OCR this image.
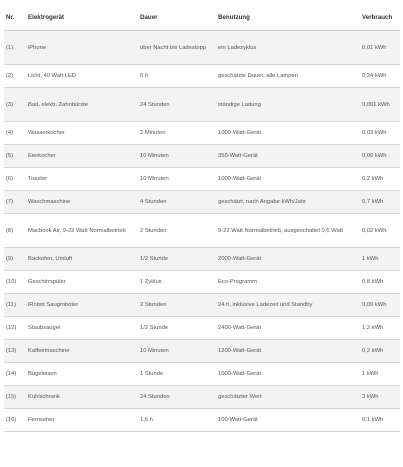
Nr.	Elektrogerät	Dauer	Benutzung	Verbrauch
(1)	iPhone	über Nacht bis Ladestopp	ein Ladezyklus	0,01 kWh
(2)	Licht, 40 Watt LED	6 h	geschätzte Dauer, alle Lampen	0,24 kWh
(3)	Bad, elektr. Zahnbürste	24 Stunden	ständige Ladung	0,001 kWh
(4)	Wasserkocher	2 Minuten	1000-Watt-Gerät	0,03 kWh
(5)	Eierkocher	10 Minuten	350-Watt-Gerät	0,06 kWh
(6)	Toaster	10 Minuten	1000-Watt-Gerät	0,2 kWh
(7)	Waschmaschine	4 Stunden	geschätzt, nach Angabe kWh/Jahr	0,7 kWh
(8)	Macbook Air, 9-22 Watt Normalbetrieb	2 Stunden	9-22 Watt Normalbetrieb, ausgeschaltet 0,6 Watt	0,02 kWh
(9)	Backofen, Umluft	1/2 Stunde	2000-Watt-Gerät	1 kWh
(10)	Geschirrspüler	1 Zyklus	Eco-Programm	0,8 kWh
(11)	iRobot Saugroboter	2 Stunden	24 h, inklusive Ladezeit und Standby	0,09 kWh
(12)	Staubsauger	1/2 Stunde	2400-Watt-Gerät	1,2 kWh
(13)	Kaffeemaschine	10 Minuten	1200-Watt-Gerät	0,2 kWh
(14)	Bügeleisen	1 Stunde	1000-Watt-Gerät	1 kWh
(15)	Kühlschrank	24 Stunden	geschätzter Wert	3 kWh
(16)	Fernseher	1,5 h	100-Watt-Gerät	0,1 kWh
